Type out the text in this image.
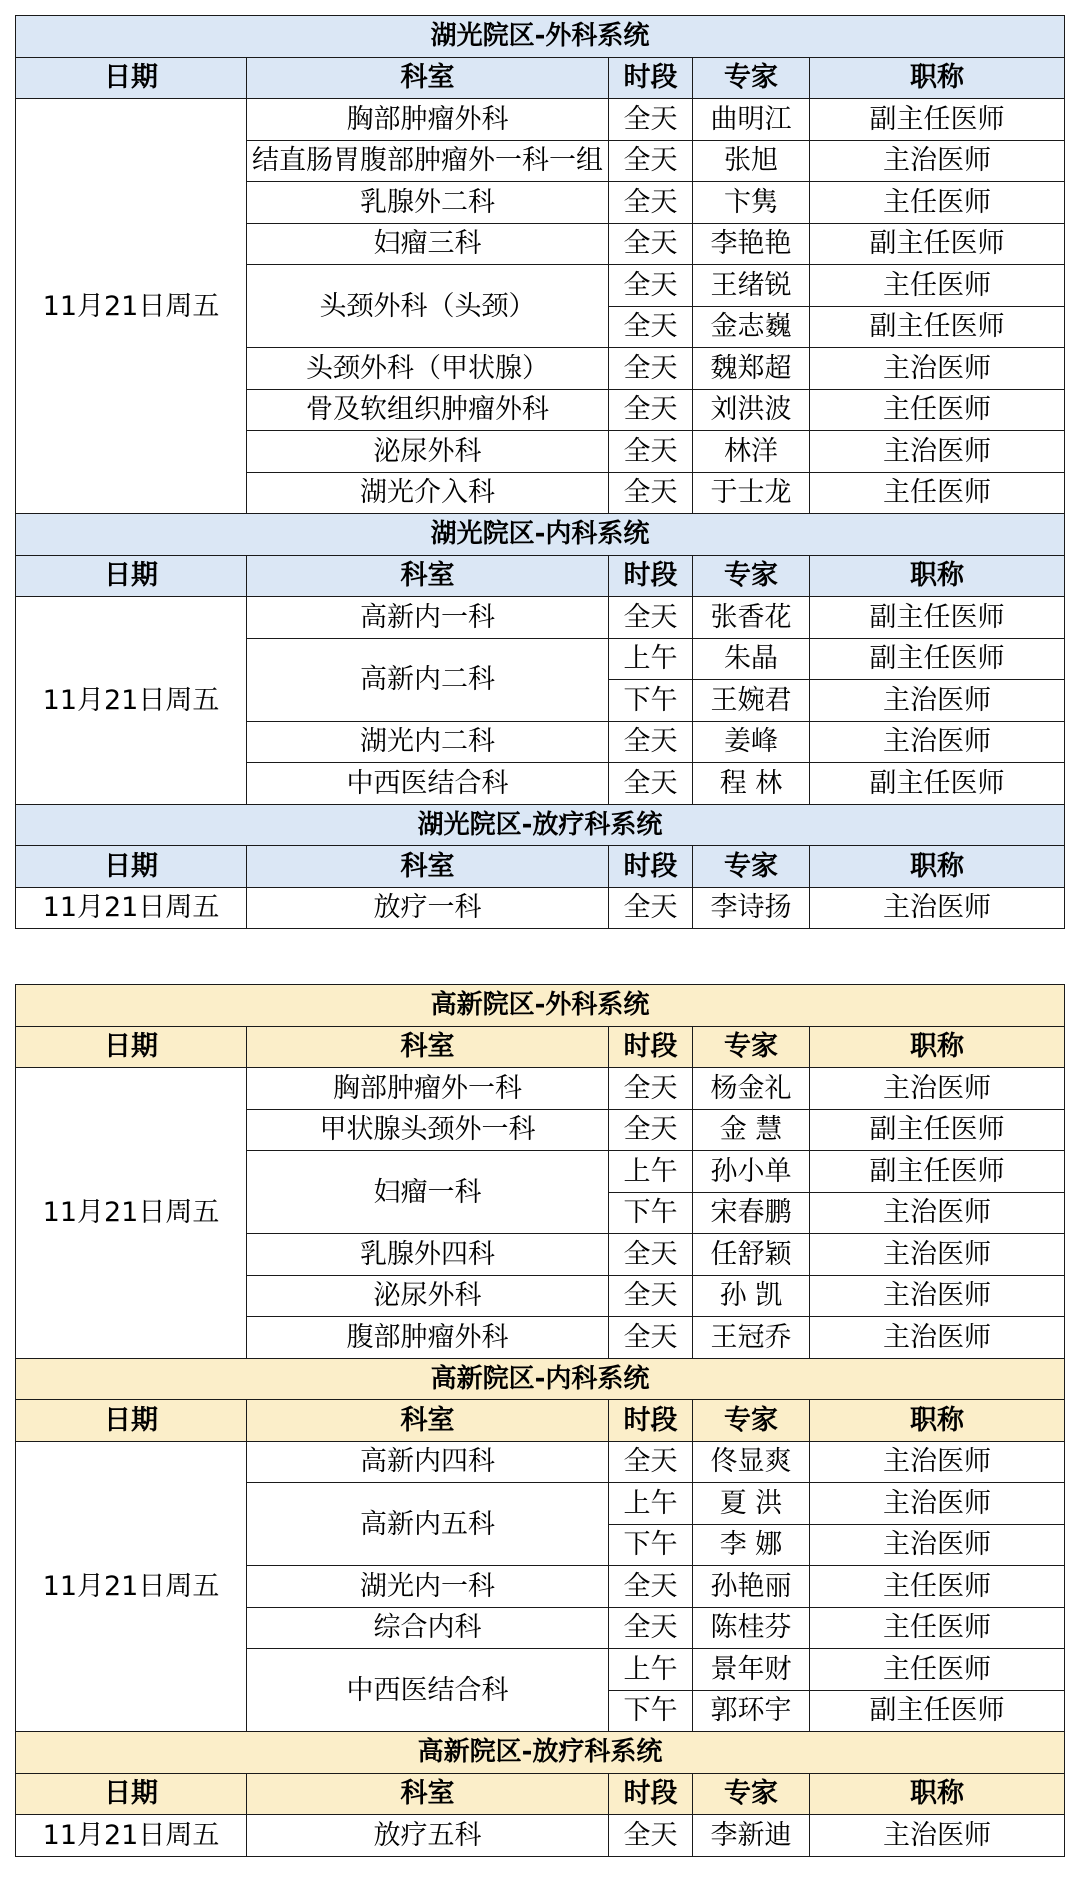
湖光院区-外科系统				
日期	科室	时段	专家	职称
11月21日周五	胸部肿瘤外科	全天	曲明江	副主任医师
	结直肠胃腹部肿瘤外一科一组	全天	张旭	主治医师
	乳腺外二科	全天	卞隽	主任医师
	妇瘤三科	全天	李艳艳	副主任医师
	头颈外科（头颈）	全天	王绪锐	主任医师
		全天	金志巍	副主任医师
	头颈外科（甲状腺）	全天	魏郑超	主治医师
	骨及软组织肿瘤外科	全天	刘洪波	主任医师
	泌尿外科	全天	林洋	主治医师
	湖光介入科	全天	于士龙	主任医师
湖光院区-内科系统				
日期	科室	时段	专家	职称
11月21日周五	高新内一科	全天	张香花	副主任医师
	高新内二科	上午	朱晶	副主任医师
		下午	王婉君	主治医师
	湖光内二科	全天	姜峰	主治医师
	中西医结合科	全天	程 林	副主任医师
湖光院区-放疗科系统				
日期	科室	时段	专家	职称
11月21日周五	放疗一科	全天	李诗扬	主治医师
高新院区-外科系统				
日期	科室	时段	专家	职称
11月21日周五	胸部肿瘤外一科	全天	杨金礼	主治医师
	甲状腺头颈外一科	全天	金 慧	副主任医师
	妇瘤一科	上午	孙小单	副主任医师
		下午	宋春鹏	主治医师
	乳腺外四科	全天	任舒颖	主治医师
	泌尿外科	全天	孙 凯	主治医师
	腹部肿瘤外科	全天	王冠乔	主治医师
高新院区-内科系统				
日期	科室	时段	专家	职称
11月21日周五	高新内四科	全天	佟显爽	主治医师
	高新内五科	上午	夏 洪	主治医师
		下午	李 娜	主治医师
	湖光内一科	全天	孙艳丽	主任医师
	综合内科	全天	陈桂芬	主任医师
	中西医结合科	上午	景年财	主任医师
		下午	郭环宇	副主任医师
高新院区-放疗科系统				
日期	科室	时段	专家	职称
11月21日周五	放疗五科	全天	李新迪	主治医师
